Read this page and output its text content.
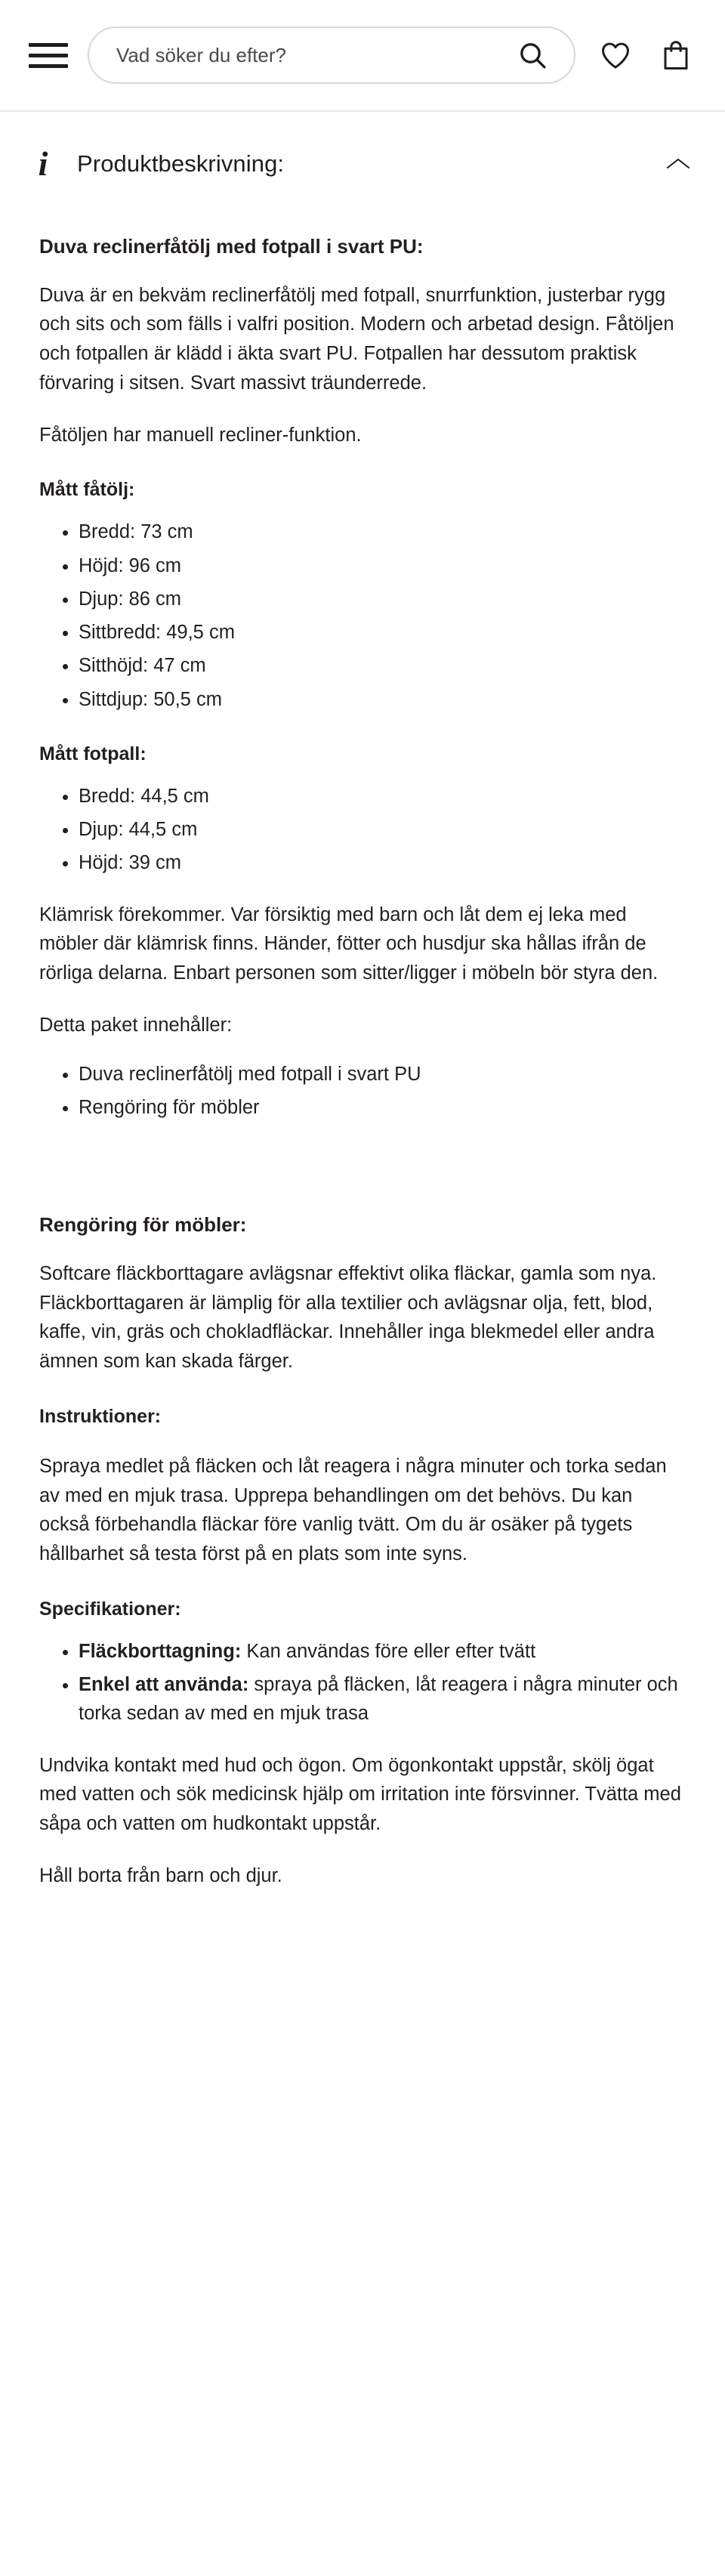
Vad söker du efter?
i	Produktbeskrivning:
Duva reclinerfåtölj med fotpall i svart PU:

Duva är en bekväm reclinerfåtölj med fotpall, snurrfunktion, justerbar rygg och sits och som fälls i valfri position. Modern och arbetad design. Fåtöljen och fotpallen är klädd i äkta svart PU. Fotpallen har dessutom praktisk förvaring i sitsen. Svart massivt träunderrede.

Fåtöljen har manuell recliner-funktion.

Mått fåtölj:
• Bredd: 73 cm
• Höjd: 96 cm
• Djup: 86 cm
• Sittbredd: 49,5 cm
• Sitthöjd: 47 cm
• Sittdjup: 50,5 cm
Mått fotpall:
• Bredd: 44,5 cm
• Djup: 44,5 cm
• Höjd: 39 cm

Klämrisk förekommer. Var försiktig med barn och låt dem ej leka med möbler där klämrisk finns. Händer, fötter och husdjur ska hållas ifrån de rörliga delarna. Enbart personen som sitter/ligger i möbeln bör styra den.

Detta paket innehåller:

• Duva reclinerfåtölj med fotpall i svart PU
• Rengöring för möbler
Rengöring för möbler:

Softcare fläckborttagare avlägsnar effektivt olika fläckar, gamla som nya. Fläckborttagaren är lämplig för alla textilier och avlägsnar olja, fett, blod, kaffe, vin, gräs och chokladfläckar. Innehåller inga blekmedel eller andra ämnen som kan skada färger.

Instruktioner:

Spraya medlet på fläcken och låt reagera i några minuter och torka sedan av med en mjuk trasa. Upprepa behandlingen om det behövs. Du kan också förbehandla fläckar före vanlig tvätt. Om du är osäker på tygets hållbarhet så testa först på en plats som inte syns.

Specifikationer:
• Fläckborttagning: Kan användas före eller efter tvätt
• Enkel att använda: spraya på fläcken, låt reagera i några minuter och torka sedan av med en mjuk trasa

Undvika kontakt med hud och ögon. Om ögonkontakt uppstår, skölj ögat med vatten och sök medicinsk hjälp om irritation inte försvinner. Tvätta med såpa och vatten om hudkontakt uppstår.

Håll borta från barn och djur.
